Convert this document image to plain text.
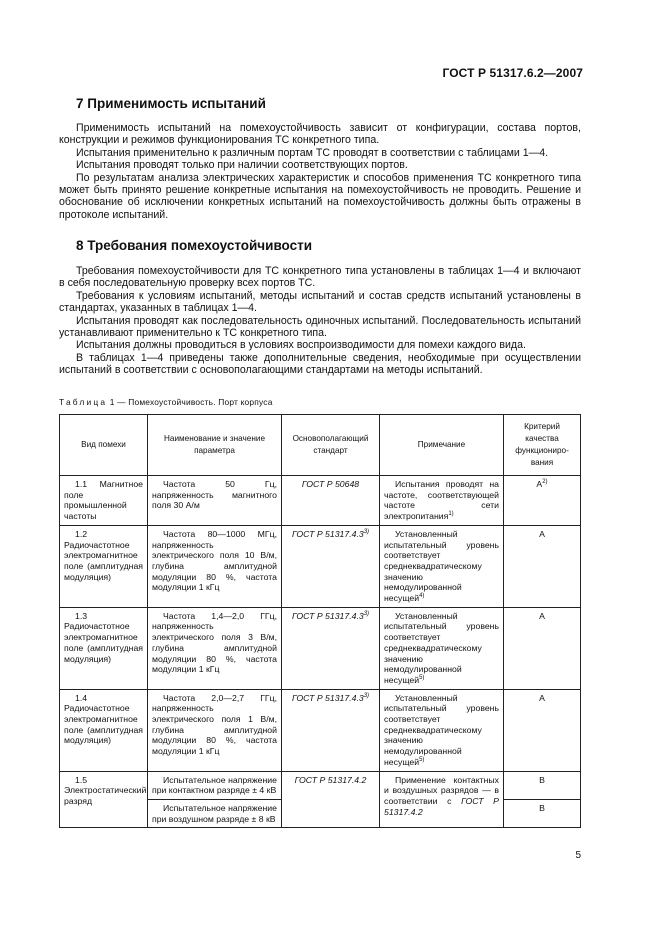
ГОСТ Р 51317.6.2—2007
7 Применимость испытаний

Применимость испытаний на помехоустойчивость зависит от конфигурации, состава портов, конструкции и режимов функционирования ТС конкретного типа.

Испытания применительно к различным портам ТС проводят в соответствии с таблицами 1—4.

Испытания проводят только при наличии соответствующих портов.

По результатам анализа электрических характеристик и способов применения ТС конкретного типа может быть принято решение конкретные испытания на помехоустойчивость не проводить. Решение и обоснование об исключении конкретных испытаний на помехоустойчивость должны быть отражены в протоколе испытаний.

8 Требования помехоустойчивости

Требования помехоустойчивости для ТС конкретного типа установлены в таблицах 1—4 и включают в себя последовательную проверку всех портов ТС.

Требования к условиям испытаний, методы испытаний и состав средств испытаний установлены в стандартах, указанных в таблицах 1—4.

Испытания проводят как последовательность одиночных испытаний. Последовательность испытаний устанавливают применительно к ТС конкретного типа.

Испытания должны проводиться в условиях воспроизводимости для помехи каждого вида.

В таблицах 1—4 приведены также дополнительные сведения, необходимые при осуществлении испытаний в соответствии с основополагающими стандартами на методы испытаний.

Таблица 1 — Помехоустойчивость. Порт корпуса
Вид помехи	Наименование и значение параметра	Основополагающий стандарт	Примечание	Критерий качества функциониро-вания
1.1 Магнитное поле промышленной частоты	Частота 50 Гц, напряженность магнитного поля 30 А/м	ГОСТ Р 50648	Испытания проводят на частоте, соответствующей частоте сети электропитания$^{1)}$	$A^{2)}$
1.2 Радиочастотное электромагнитное поле (амплитудная модуляция)	Частота 80—1000 МГц, напряженность электрического поля 10 В/м, глубина амплитудной модуляции 80 %, частота модуляции 1 кГц	ГОСТ Р 51317.4.3$^{3)}$	Установленный испытательный уровень соответствует среднеквадратическому значению немодулированной несущей$^{4)}$	A
1.3 Радиочастотное электромагнитное поле (амплитудная модуляция)	Частота 1,4—2,0 ГГц, напряженность электрического поля 3 В/м, глубина амплитудной модуляции 80 %, частота модуляции 1 кГц	ГОСТ Р 51317.4.3$^{3)}$	Установленный испытательный уровень соответствует среднеквадратическому значению немодулированной несущей$^{5)}$	A
1.4 Радиочастотное электромагнитное поле (амплитудная модуляция)	Частота 2,0—2,7 ГГц, напряженность электрического поля 1 В/м, глубина амплитудной модуляции 80 %, частота модуляции 1 кГц	ГОСТ Р 51317.4.3$^{3)}$	Установленный испытательный уровень соответствует среднеквадратическому значению немодулированной несущей$^{5)}$	A
1.5 Электростатический разряд	Испытательное напряжение при контактном разряде ± 4 кВ	ГОСТ Р 51317.4.2	Применение контактных и воздушных разрядов — в соответствии с ГОСТ Р 51317.4.2	B
	Испытательное напряжение при воздушном разряде ± 8 кВ			B
5
